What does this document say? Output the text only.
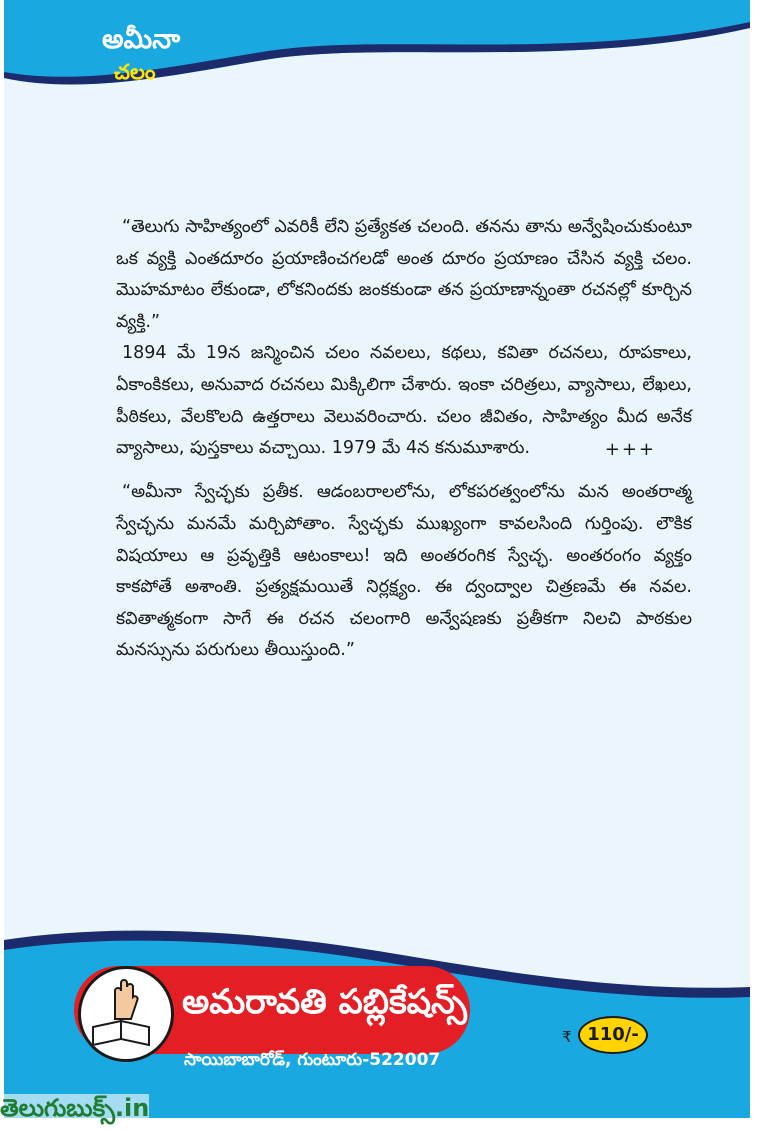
అమీనా
చలం

“తెలుగు సాహిత్యంలో ఎవరికీ లేని ప్రత్యేకత చలంది. తనను తాను అన్వేషించుకుంటూ ఒక వ్యక్తి ఎంతదూరం ప్రయాణించగలడో అంత దూరం ప్రయాణం చేసిన వ్యక్తి చలం. మొహమాటం లేకుండా, లోకనిందకు జంకకుండా తన ప్రయాణాన్నంతా రచనల్లో కూర్చిన వ్యక్తి.”

1894 మే 19న జన్మించిన చలం నవలలు, కథలు, కవితా రచనలు, రూపకాలు, ఏకాంకికలు, అనువాద రచనలు మిక్కిలిగా చేశారు. ఇంకా చరిత్రలు, వ్యాసాలు, లేఖలు, పీఠికలు, వేలకొలది ఉత్తరాలు వెలువరించారు. చలం జీవితం, సాహిత్యం మీద అనేక వ్యాసాలు, పుస్తకాలు వచ్చాయి. 1979 మే 4న కనుమూశారు.	+++

“అమీనా స్వేచ్ఛకు ప్రతీక. ఆడంబరాలలోను, లోకపరత్వంలోను మన అంతరాత్మ స్వేచ్ఛను మనమే మర్చిపోతాం. స్వేచ్ఛకు ముఖ్యంగా కావలసింది గుర్తింపు. లౌకిక విషయాలు ఆ ప్రవృత్తికి ఆటంకాలు! ఇది అంతరంగిక స్వేచ్ఛ. అంతరంగం వ్యక్తం కాకపోతే అశాంతి. ప్రత్యక్షమయితే నిర్లక్ష్యం. ఈ ద్వంద్వాల చిత్రణమే ఈ నవల. కవితాత్మకంగా సాగే ఈ రచన చలంగారి అన్వేషణకు ప్రతీకగా నిలచి పాఠకుల మనస్సును పరుగులు తీయిస్తుంది.”

అమరావతి పబ్లికేషన్స్
సాయిబాబారోడ్, గుంటూరు-522007
₹ 110/-
తెలుగుబుక్స్.in
